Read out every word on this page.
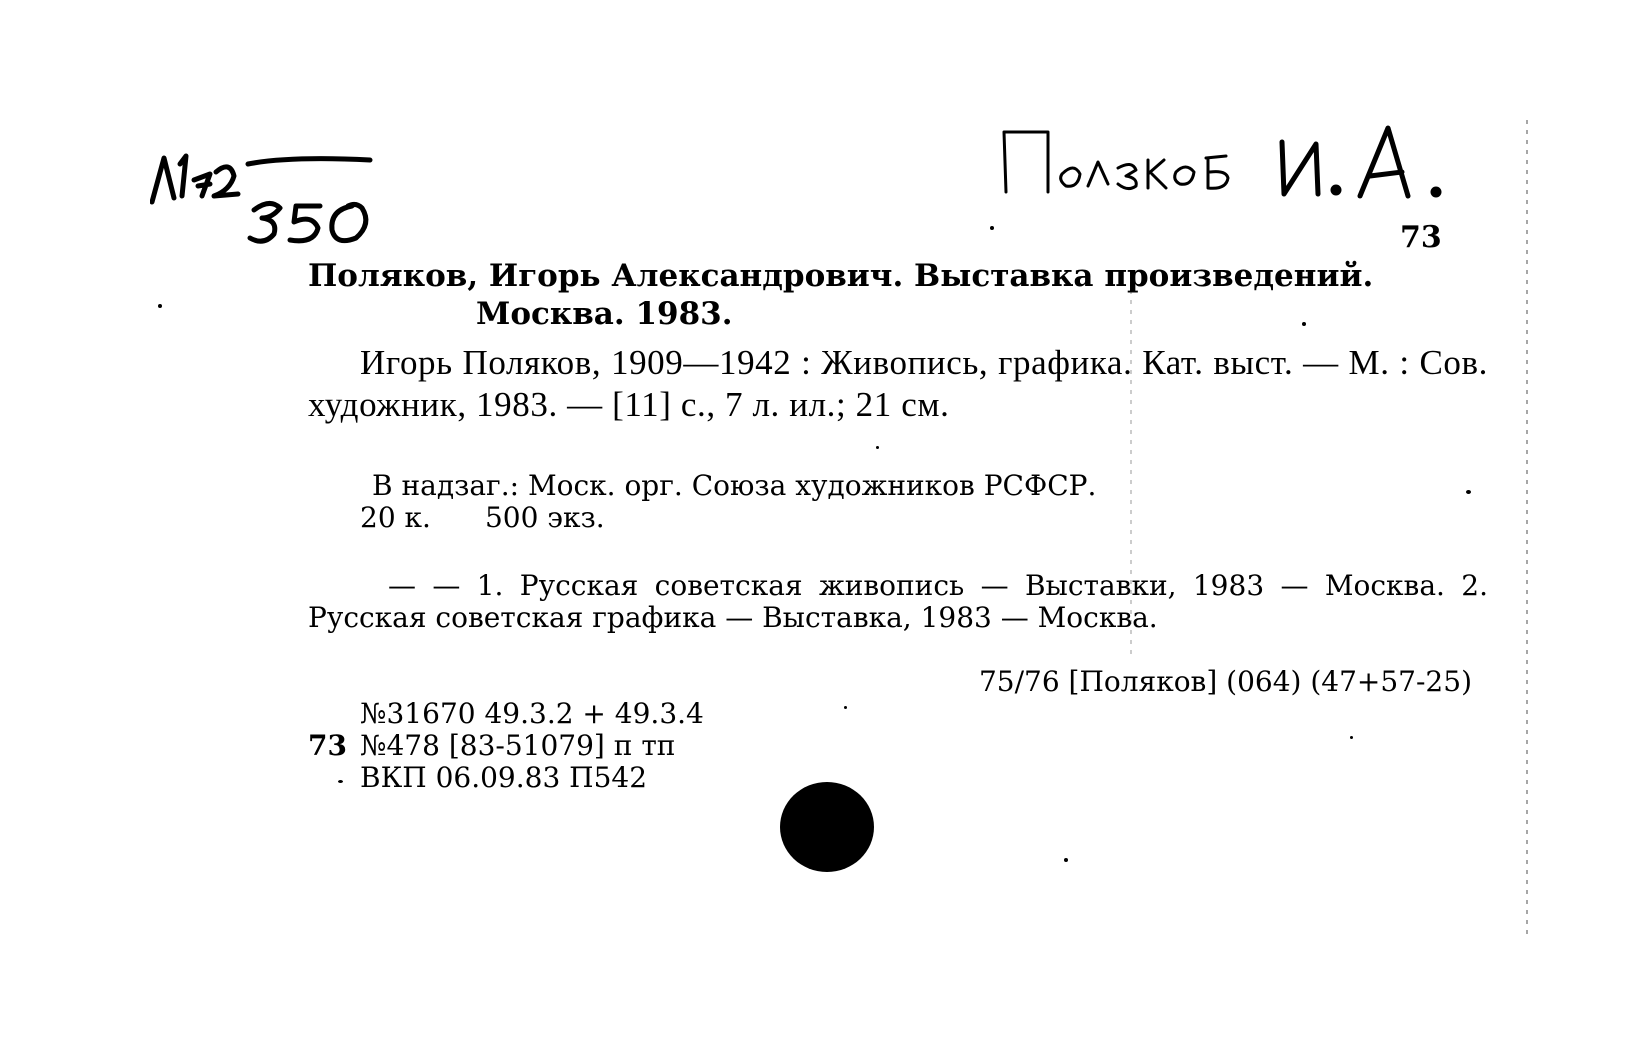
73
Поляков, Игорь Александрович. Выставка произведений.
Москва. 1983.
Игорь Поляков, 1909—1942 : Живопись, графика. Кат. выст. — М. : Сов. художник, 1983. — [11] с., 7 л. ил.; 21 см.
В надзаг.: Моск. орг. Союза художников РСФСР.
20 к. 500 экз.
— — 1. Русская советская живопись — Выставки, 1983 — Москва. 2. Русская советская графика — Выставка, 1983 — Москва.
75/76 [Поляков] (064) (47+57-25)
№31670 49.3.2 + 49.3.4
73 №478 [83-51079] п тп
ВКП 06.09.83 П542
